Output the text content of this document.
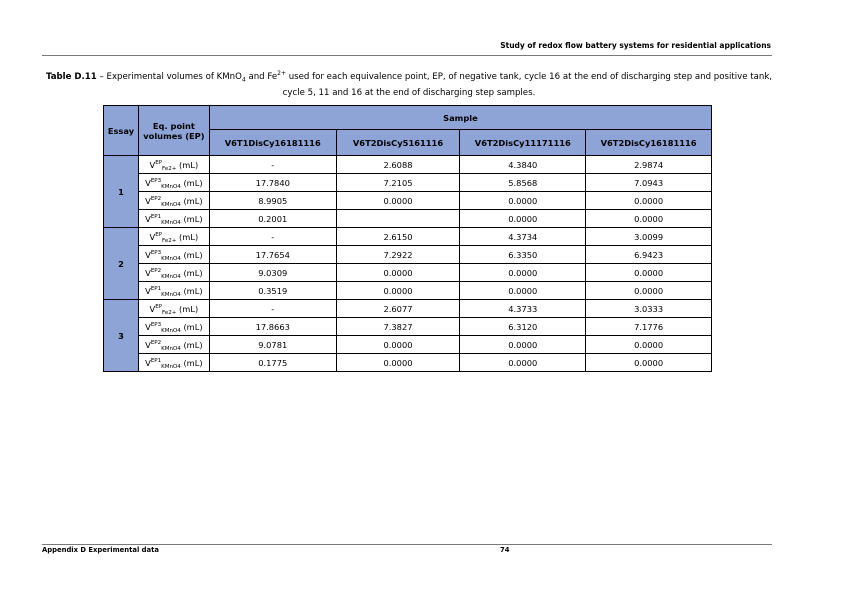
Study of redox flow battery systems for residential applications
Table D.11 – Experimental volumes of KMnO$_4$ and $Fe^{2+}$ used for each equivalence point, EP, of negative tank, cycle 16 at the end of discharging step and positive tank, cycle 5, 11 and 16 at the end of discharging step samples.
Essay	Eq. point volumes (EP)	Sample			
		V6T1DisCy16181116	V6T2DisCy5161116	V6T2DisCy11171116	V6T2DisCy16181116
1	$V^{EP}_{Fe2+}$ (mL)	-	2.6088	4.3840	2.9874
	$V^{EP3}_{KMnO4}$ (mL)	17.7840	7.2105	5.8568	7.0943
	$V^{EP2}_{KMnO4}$ (mL)	8.9905	0.0000	0.0000	0.0000
	$V^{EP1}_{KMnO4}$ (mL)	0.2001		0.0000	0.0000
2	$V^{EP}_{Fe2+}$ (mL)	-	2.6150	4.3734	3.0099
	$V^{EP3}_{KMnO4}$ (mL)	17.7654	7.2922	6.3350	6.9423
	$V^{EP2}_{KMnO4}$ (mL)	9.0309	0.0000	0.0000	0.0000
	$V^{EP1}_{KMnO4}$ (mL)	0.3519	0.0000	0.0000	0.0000
3	$V^{EP}_{Fe2+}$ (mL)	-	2.6077	4.3733	3.0333
	$V^{EP3}_{KMnO4}$ (mL)	17.8663	7.3827	6.3120	7.1776
	$V^{EP2}_{KMnO4}$ (mL)	9.0781	0.0000	0.0000	0.0000
	$V^{EP1}_{KMnO4}$ (mL)	0.1775	0.0000	0.0000	0.0000
Appendix D Experimental data	74
